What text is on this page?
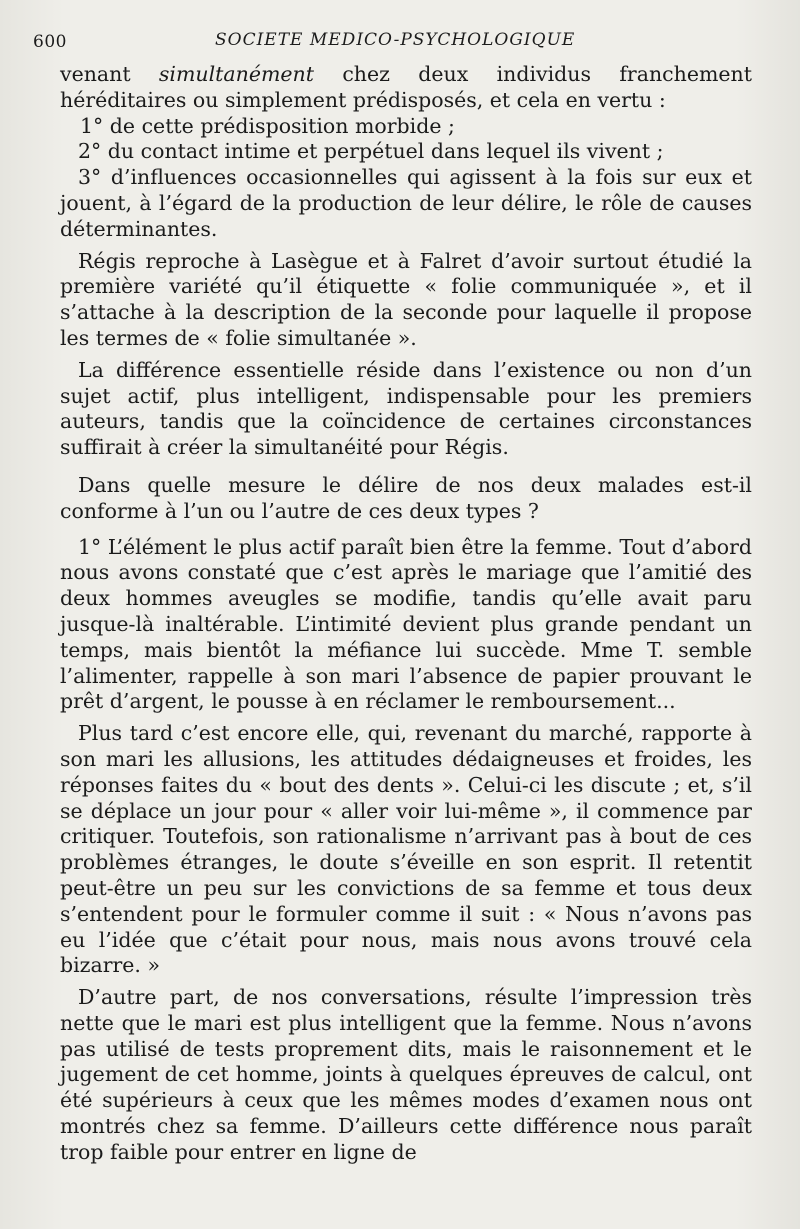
600	SOCIETE MEDICO-PSYCHOLOGIQUE

venant simultanément chez deux individus franchement héréditaires ou simplement prédisposés, et cela en vertu :

1° de cette prédisposition morbide ;

2° du contact intime et perpétuel dans lequel ils vivent ;

3° d’influences occasionnelles qui agissent à la fois sur eux et jouent, à l’égard de la production de leur délire, le rôle de causes déterminantes.

Régis reproche à Lasègue et à Falret d’avoir surtout étudié la première variété qu’il étiquette « folie communiquée », et il s’attache à la description de la seconde pour laquelle il propose les termes de « folie simultanée ».

La différence essentielle réside dans l’existence ou non d’un sujet actif, plus intelligent, indispensable pour les premiers auteurs, tandis que la coïncidence de certaines circonstances suffirait à créer la simultanéité pour Régis.

Dans quelle mesure le délire de nos deux malades est-il conforme à l’un ou l’autre de ces deux types ?

1° L’élément le plus actif paraît bien être la femme. Tout d’abord nous avons constaté que c’est après le mariage que l’amitié des deux hommes aveugles se modifie, tandis qu’elle avait paru jusque-là inaltérable. L’intimité devient plus grande pendant un temps, mais bientôt la méfiance lui succède. Mme T. semble l’alimenter, rappelle à son mari l’absence de papier prouvant le prêt d’argent, le pousse à en réclamer le remboursement...

Plus tard c’est encore elle, qui, revenant du marché, rapporte à son mari les allusions, les attitudes dédaigneuses et froides, les réponses faites du « bout des dents ». Celui-ci les discute ; et, s’il se déplace un jour pour « aller voir lui-même », il commence par critiquer. Toutefois, son rationalisme n’arrivant pas à bout de ces problèmes étranges, le doute s’éveille en son esprit. Il retentit peut-être un peu sur les convictions de sa femme et tous deux s’entendent pour le formuler comme il suit : « Nous n’avons pas eu l’idée que c’était pour nous, mais nous avons trouvé cela bizarre. »

D’autre part, de nos conversations, résulte l’impression très nette que le mari est plus intelligent que la femme. Nous n’avons pas utilisé de tests proprement dits, mais le raisonnement et le jugement de cet homme, joints à quelques épreuves de calcul, ont été supérieurs à ceux que les mêmes modes d’examen nous ont montrés chez sa femme. D’ailleurs cette différence nous paraît trop faible pour entrer en ligne de
